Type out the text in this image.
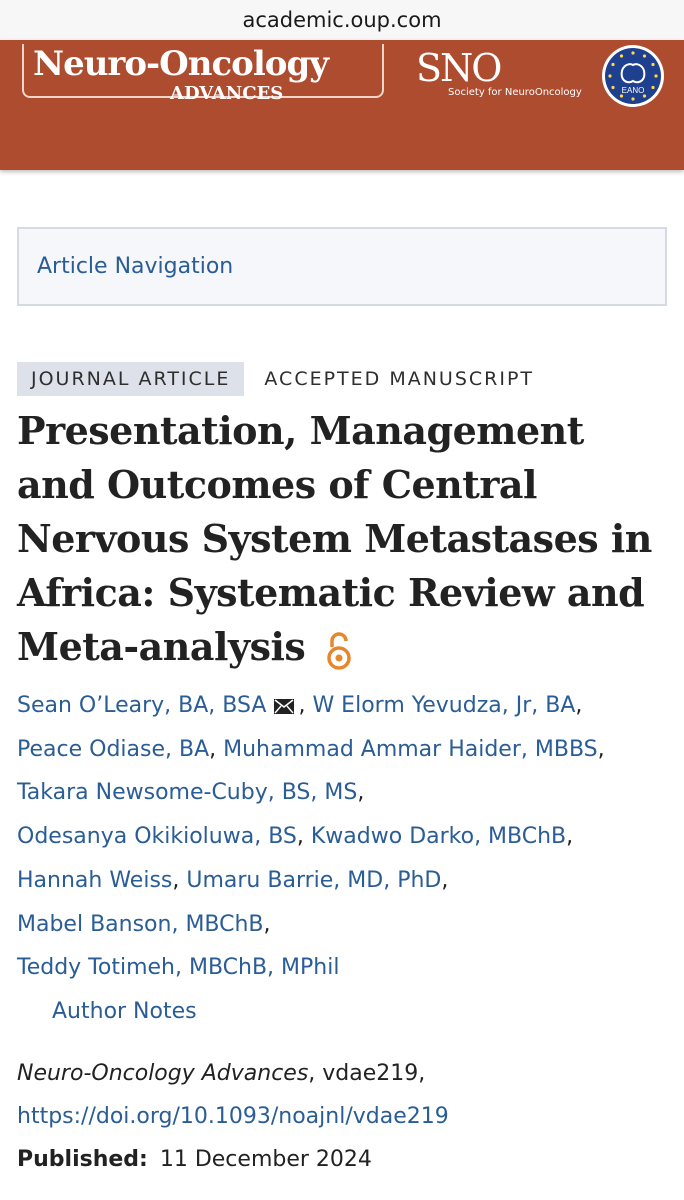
academic.oup.com
Neuro-Oncology
ADVANCES
SNO
Society for NeuroOncology	EANO
Article Navigation
JOURNAL ARTICLE	ACCEPTED MANUSCRIPT
Presentation, Management and Outcomes of Central Nervous System Metastases in Africa: Systematic Review and Meta-analysis
Sean O’Leary, BA, BSA , W Elorm Yevudza, Jr, BA,
Peace Odiase, BA, Muhammad Ammar Haider, MBBS,
Takara Newsome-Cuby, BS, MS,
Odesanya Okikioluwa, BS, Kwadwo Darko, MBChB,
Hannah Weiss, Umaru Barrie, MD, PhD,
Mabel Banson, MBChB,
Teddy Totimeh, MBChB, MPhil

Author Notes
Neuro-Oncology Advances, vdae219,
https://doi.org/10.1093/noajnl/vdae219
Published: 11 December 2024
